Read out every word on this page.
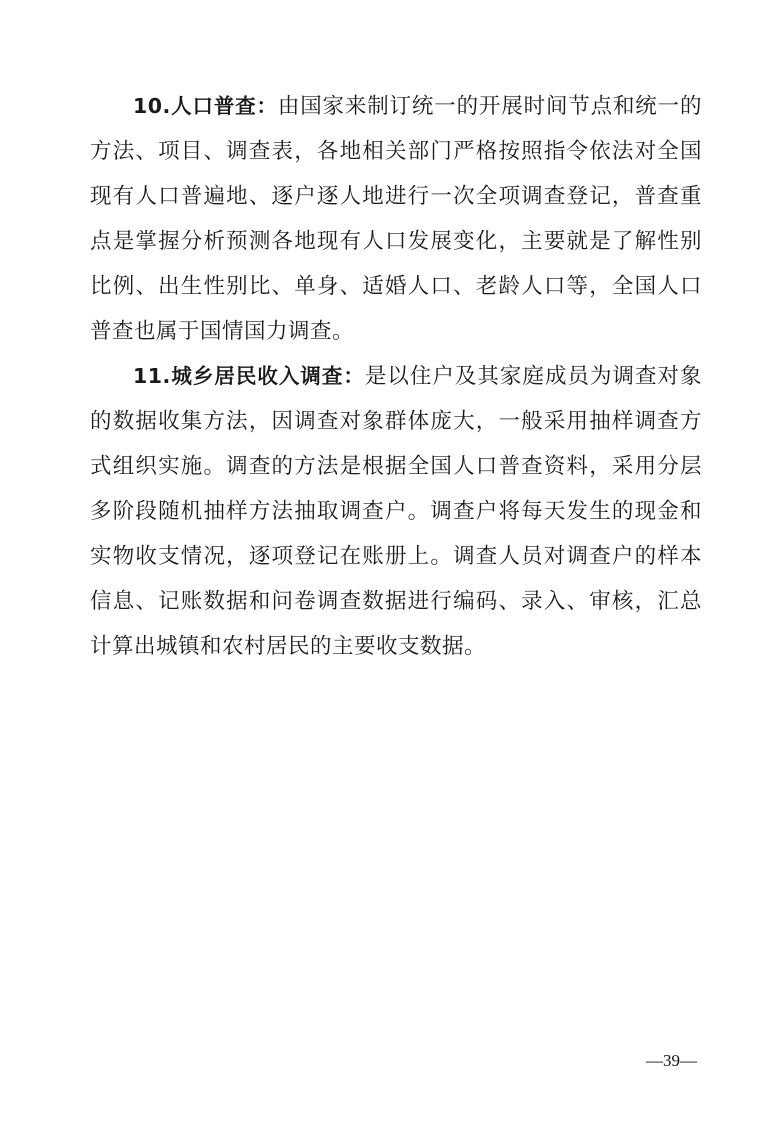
10.人口普查：由国家来制订统一的开展时间节点和统一的方法、项目、调查表，各地相关部门严格按照指令依法对全国现有人口普遍地、逐户逐人地进行一次全项调查登记，普查重点是掌握分析预测各地现有人口发展变化，主要就是了解性别比例、出生性别比、单身、适婚人口、老龄人口等，全国人口普查也属于国情国力调查。

11.城乡居民收入调查：是以住户及其家庭成员为调查对象的数据收集方法，因调查对象群体庞大，一般采用抽样调查方式组织实施。调查的方法是根据全国人口普查资料，采用分层多阶段随机抽样方法抽取调查户。调查户将每天发生的现金和实物收支情况，逐项登记在账册上。调查人员对调查户的样本信息、记账数据和问卷调查数据进行编码、录入、审核，汇总计算出城镇和农村居民的主要收支数据。

—39—
